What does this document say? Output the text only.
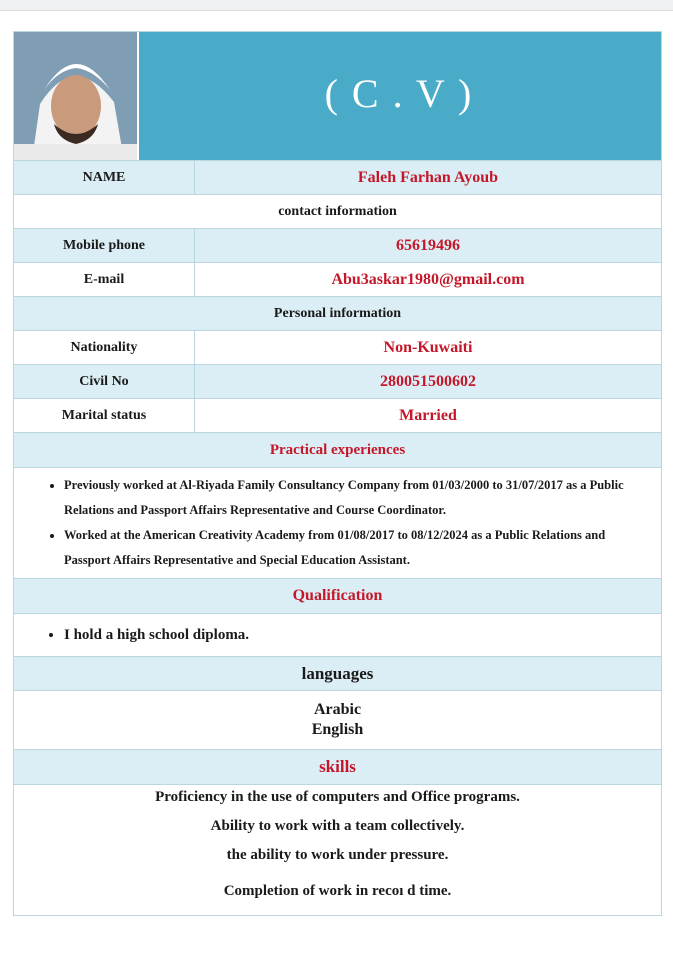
( C . V )
NAME	Faleh Farhan Ayoub
contact information
Mobile phone	65619496
E-mail	Abu3askar1980@gmail.com
Personal information
Nationality	Non-Kuwaiti
Civil No	280051500602
Marital status	Married
Practical experiences
• Previously worked at Al-Riyada Family Consultancy Company from 01/03/2000 to 31/07/2017 as a Public Relations and Passport Affairs Representative and Course Coordinator.
• Worked at the American Creativity Academy from 01/08/2017 to 08/12/2024 as a Public Relations and Passport Affairs Representative and Special Education Assistant.
Qualification
• I hold a high school diploma.
languages
Arabic
English
skills
Proficiency in the use of computers and Office programs.
Ability to work with a team collectively.
the ability to work under pressure.
Completion of work in recoı d time.
